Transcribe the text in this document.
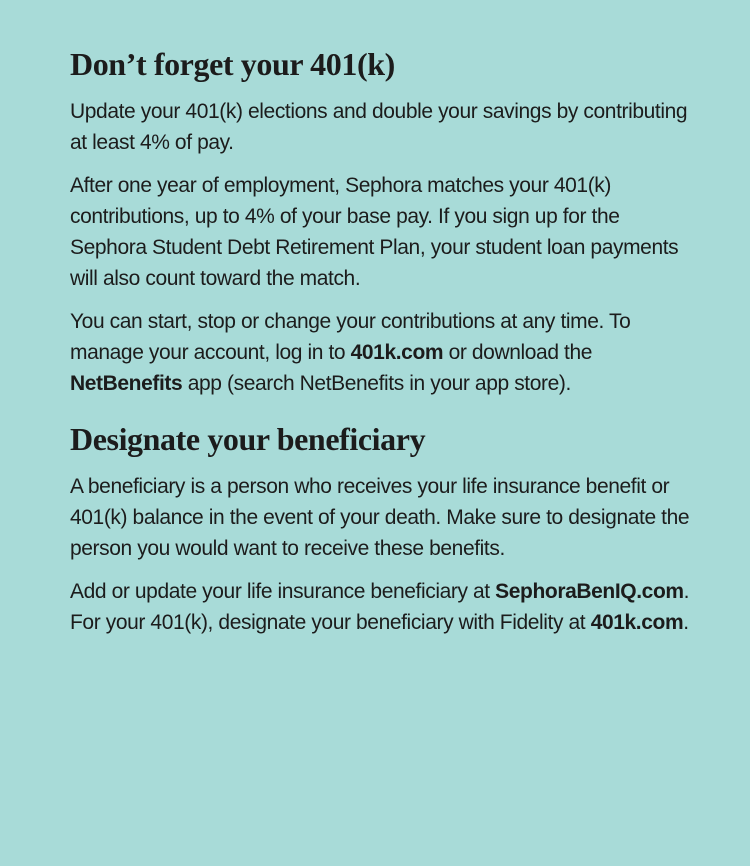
Don’t forget your 401(k)

Update your 401(k) elections and double your savings by contributing at least 4% of pay.

After one year of employment, Sephora matches your 401(k) contributions, up to 4% of your base pay. If you sign up for the Sephora Student Debt Retirement Plan, your student loan payments will also count toward the match.

You can start, stop or change your contributions at any time. To manage your account, log in to 401k.com or download the NetBenefits app (search NetBenefits in your app store).

Designate your beneficiary

A beneficiary is a person who receives your life insurance benefit or 401(k) balance in the event of your death. Make sure to designate the person you would want to receive these benefits.

Add or update your life insurance beneficiary at SephoraBenIQ.com. For your 401(k), designate your beneficiary with Fidelity at 401k.com.
